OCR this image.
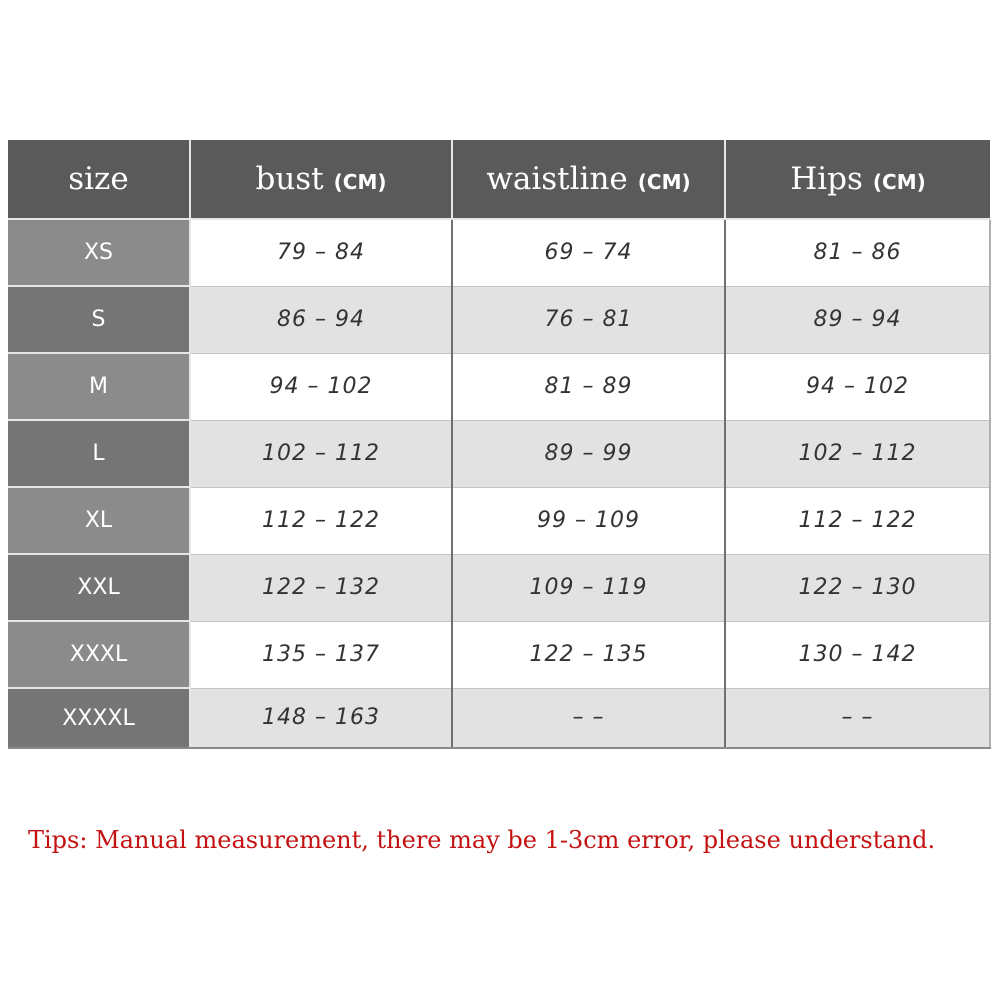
size	bust (CM)	waistline (CM)	Hips (CM)
XS	79 – 84	69 – 74	81 – 86
S	86 – 94	76 – 81	89 – 94
M	94 – 102	81 – 89	94 – 102
L	102 – 112	89 – 99	102 – 112
XL	112 – 122	99 – 109	112 – 122
XXL	122 – 132	109 – 119	122 – 130
XXXL	135 – 137	122 – 135	130 – 142
XXXXL	148 – 163	– –	– –
Tips: Manual measurement, there may be 1-3cm error, please understand.
